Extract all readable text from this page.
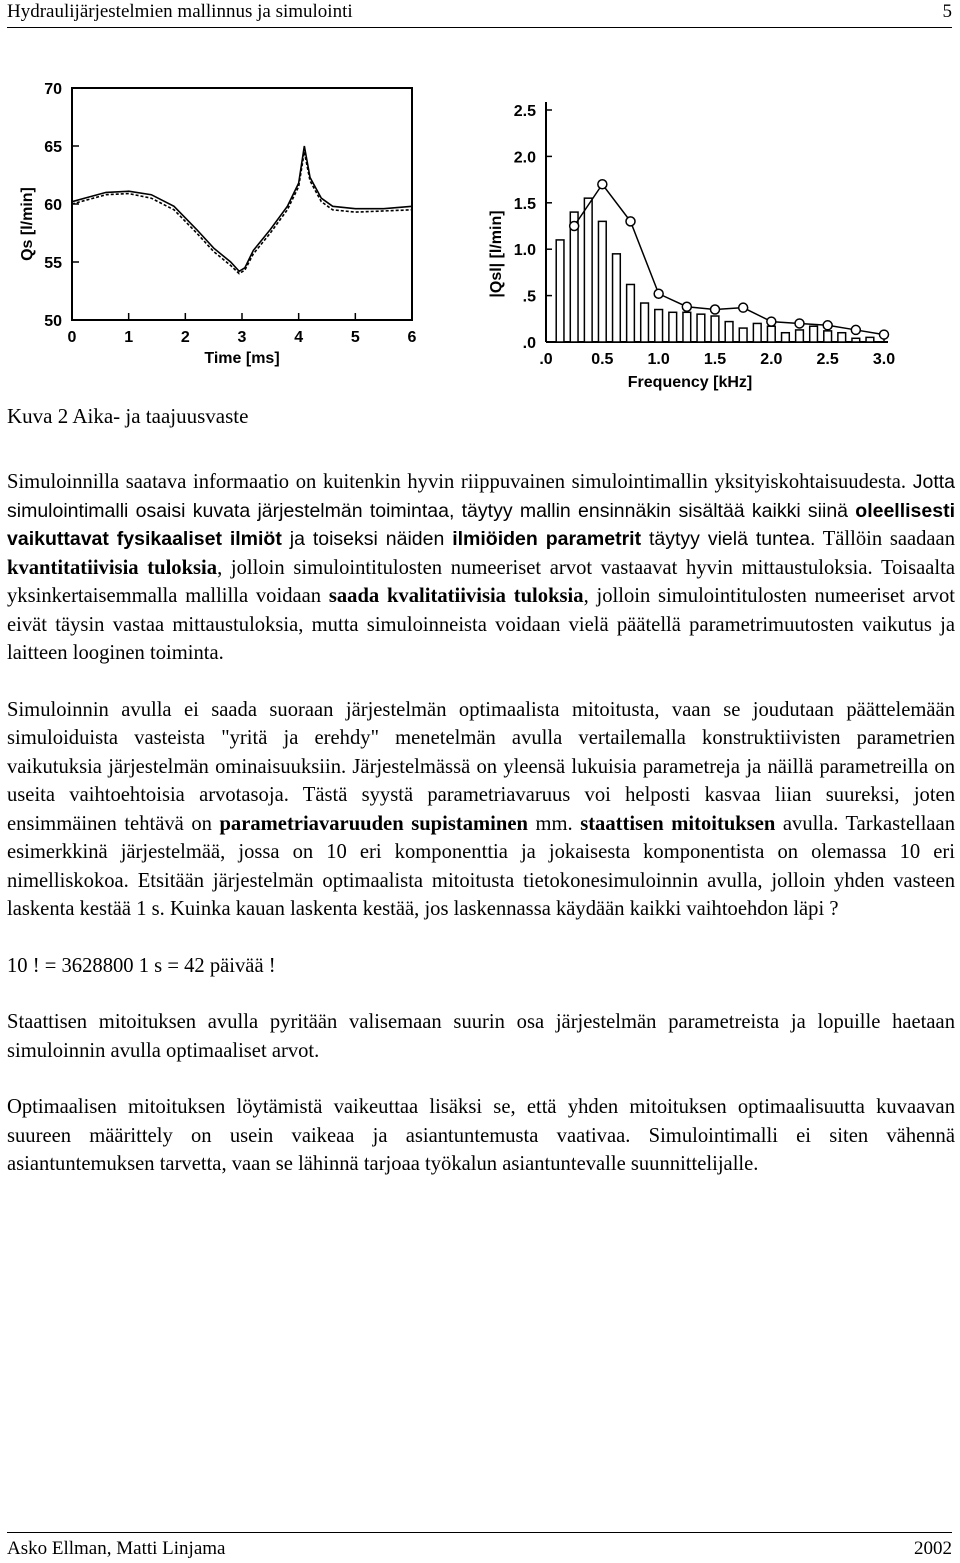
Hydraulijärjestelmien mallinnus ja simulointi	5
0	1	2	3	4	5	6
50
55
60
65
70
Time [ms]
Qs [l/min]
.0 0.5 1.0 1.5 2.0 2.5 3.0
.0
.5
1.0
1.5
2.0
2.5
Frequency [kHz]
|Qsl| [l/min]
Kuva 2 Aika- ja taajuusvaste

Simuloinnilla saatava informaatio on kuitenkin hyvin riippuvainen simulointimallin yksityiskohtaisuudesta. Jotta simulointimalli osaisi kuvata järjestelmän toimintaa, täytyy mallin ensinnäkin sisältää kaikki siinä oleellisesti vaikuttavat fysikaaliset ilmiöt ja toiseksi näiden ilmiöiden parametrit täytyy vielä tuntea. Tällöin saadaan kvantitatiivisia tuloksia, jolloin simulointitulosten numeeriset arvot vastaavat hyvin mittaustuloksia. Toisaalta yksinkertaisemmalla mallilla voidaan saada kvalitatiivisia tuloksia, jolloin simulointitulosten numeeriset arvot eivät täysin vastaa mittaustuloksia, mutta simuloinneista voidaan vielä päätellä parametrimuutosten vaikutus ja laitteen looginen toiminta.

Simuloinnin avulla ei saada suoraan järjestelmän optimaalista mitoitusta, vaan se joudutaan päättelemään simuloiduista vasteista "yritä ja erehdy" menetelmän avulla vertailemalla konstruktiivisten parametrien vaikutuksia järjestelmän ominaisuuksiin. Järjestelmässä on yleensä lukuisia parametreja ja näillä parametreilla on useita vaihtoehtoisia arvotasoja. Tästä syystä parametriavaruus voi helposti kasvaa liian suureksi, joten ensimmäinen tehtävä on parametriavaruuden supistaminen mm. staattisen mitoituksen avulla. Tarkastellaan esimerkkinä järjestelmää, jossa on 10 eri komponenttia ja jokaisesta komponentista on olemassa 10 eri nimelliskokoa. Etsitään järjestelmän optimaalista mitoitusta tietokonesimuloinnin avulla, jolloin yhden vasteen laskenta kestää 1 s. Kuinka kauan laskenta kestää, jos laskennassa käydään kaikki vaihtoehdon läpi ?

10 ! = 3628800 1 s = 42 päivää !

Staattisen mitoituksen avulla pyritään valisemaan suurin osa järjestelmän parametreista ja lopuille haetaan simuloinnin avulla optimaaliset arvot.

Optimaalisen mitoituksen löytämistä vaikeuttaa lisäksi se, että yhden mitoituksen optimaalisuutta kuvaavan suureen määrittely on usein vaikeaa ja asiantuntemusta vaativaa. Simulointimalli ei siten vähennä asiantuntemuksen tarvetta, vaan se lähinnä tarjoaa työkalun asiantuntevalle suunnittelijalle.

Asko Ellman, Matti Linjama	2002
